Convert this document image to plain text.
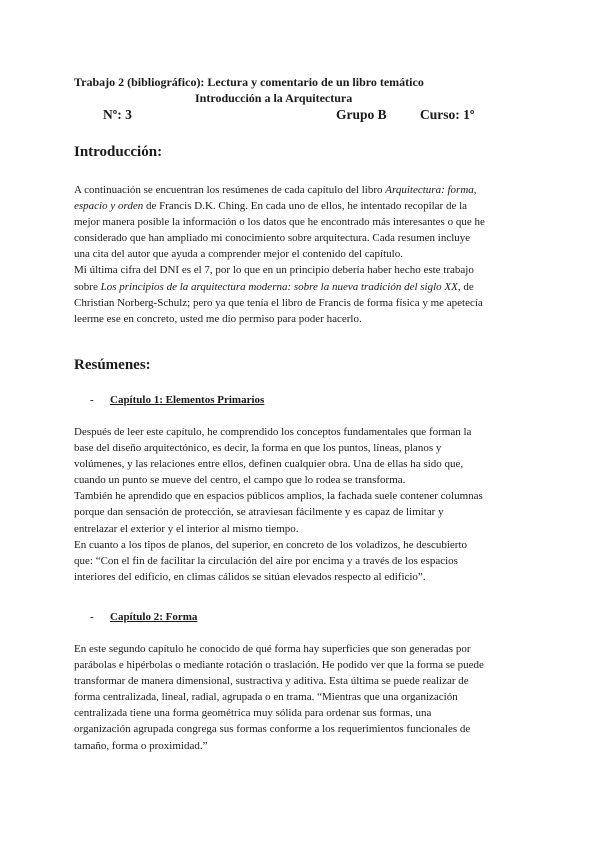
Trabajo 2 (bibliográfico): Lectura y comentario de un libro temático
Introducción a la Arquitectura
Nº: 3	Grupo B Curso: 1º
Introducción:

A continuación se encuentran los resúmenes de cada capítulo del libro Arquitectura: forma,
espacio y orden de Francis D.K. Ching. En cada uno de ellos, he intentado recopilar de la
mejor manera posible la información o los datos que he encontrado más interesantes o que he
considerado que han ampliado mi conocimiento sobre arquitectura. Cada resumen incluye
una cita del autor que ayuda a comprender mejor el contenido del capítulo.
Mi última cifra del DNI es el 7, por lo que en un principio debería haber hecho este trabajo
sobre Los principios de la arquitectura moderna: sobre la nueva tradición del siglo XX, de
Christian Norberg-Schulz; pero ya que tenía el libro de Francis de forma física y me apetecía
leerme ese en concreto, usted me dio permiso para poder hacerlo.

Resúmenes:
- Capítulo 1: Elementos Primarios

Después de leer este capítulo, he comprendido los conceptos fundamentales que forman la
base del diseño arquitectónico, es decir, la forma en que los puntos, líneas, planos y
volúmenes, y las relaciones entre ellos, definen cualquier obra. Una de ellas ha sido que,
cuando un punto se mueve del centro, el campo que lo rodea se transforma.
También he aprendido que en espacios públicos amplios, la fachada suele contener columnas
porque dan sensación de protección, se atraviesan fácilmente y es capaz de limitar y
entrelazar el exterior y el interior al mismo tiempo.
En cuanto a los tipos de planos, del superior, en concreto de los voladizos, he descubierto
que: “Con el fin de facilitar la circulación del aire por encima y a través de los espacios
interiores del edificio, en climas cálidos se sitúan elevados respecto al edificio”.

- Capítulo 2: Forma

En este segundo capítulo he conocido de qué forma hay superficies que son generadas por
parábolas e hipérbolas o mediante rotación o traslación. He podido ver que la forma se puede
transformar de manera dimensional, sustractiva y aditiva. Esta última se puede realizar de
forma centralizada, lineal, radial, agrupada o en trama. “Mientras que una organización
centralizada tiene una forma geométrica muy sólida para ordenar sus formas, una
organización agrupada congrega sus formas conforme a los requerimientos funcionales de
tamaño, forma o proximidad.”
